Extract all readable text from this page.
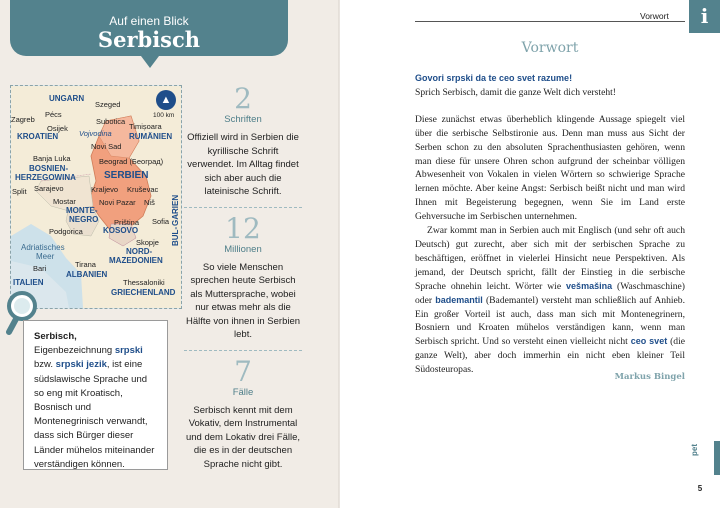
Auf einen Blick
Serbisch
▲
100 km
UNGARN
RUMÄNIEN
KROATIEN
BOSNIEN-
HERZEGOWINA	SERBIEN
MONTE-
NEGRO
KOSOVO
NORD-
MAZEDONIEN
ALBANIEN
ITALIEN
GRIECHENLAND
BUL-
GARIEN
Vojvodina
Adriatisches
Meer
Szeged
Zagreb
Pécs
Subotica
Timișoara
Osijek
Novi Sad
Banja Luka	Beograd (Београд)
Sarajevo	Kraljevo Kruševac
Split
Mostar	Novi Pazar Niš
Sofia
Podgorica
Priština
Skopje
Bari	Tirana
Thessaloniki

Serbisch, Eigenbezeichnung srpski bzw. srpski jezik, ist eine südslawische Sprache und so eng mit Kroatisch, Bosnisch und Montenegrinisch verwandt, dass sich Bürger dieser Länder mühelos miteinander verständigen können.

2
Schriften
Offiziell wird in Serbien die kyrillische Schrift verwendet. Im Alltag findet sich aber auch die lateinische Schrift.
12
Millionen
So viele Menschen sprechen heute Serbisch als Muttersprache, wobei nur etwas mehr als die Hälfte von ihnen in Serbien lebt.
7
Fälle
Serbisch kennt mit dem Vokativ, dem Instrumental und dem Lokativ drei Fälle, die es in der deutschen Sprache nicht gibt.
Vorwort	i
Vorwort

Govori srpski da te ceo svet razume!
Sprich Serbisch, damit die ganze Welt dich versteht!

Diese zunächst etwas überheblich klingende Aussage spiegelt viel über die serbische Selbstironie aus. Denn man muss aus Sicht der Serben schon zu den absoluten Sprachenthusiasten gehören, wenn man diese für unsere Ohren schon aufgrund der scheinbar völligen Abwesenheit von Vokalen in vielen Wörtern so schwierige Sprache lernen möchte. Aber keine Angst: Serbisch beißt nicht und man wird Ihnen mit Begeisterung begegnen, wenn Sie im Land erste Gehversuche im Serbischen unternehmen.

Zwar kommt man in Serbien auch mit Englisch (und sehr oft auch Deutsch) gut zurecht, aber sich mit der serbischen Sprache zu beschäftigen, eröffnet in vielerlei Hinsicht neue Perspektiven. Als jemand, der Deutsch spricht, fällt der Einstieg in die serbische Sprache ohnehin leicht. Wörter wie vešmašina (Waschmaschine) oder bademantil (Bademantel) versteht man schließlich auf Anhieb. Ein großer Vorteil ist auch, dass man sich mit Montenegrinern, Bosniern und Kroaten mühelos verständigen kann, wenn man Serbisch spricht. Und so versteht einen vielleicht nicht ceo svet (die ganze Welt), aber doch immerhin ein nicht eben kleiner Teil Südosteuropas.

Markus Bingel
pet
5
